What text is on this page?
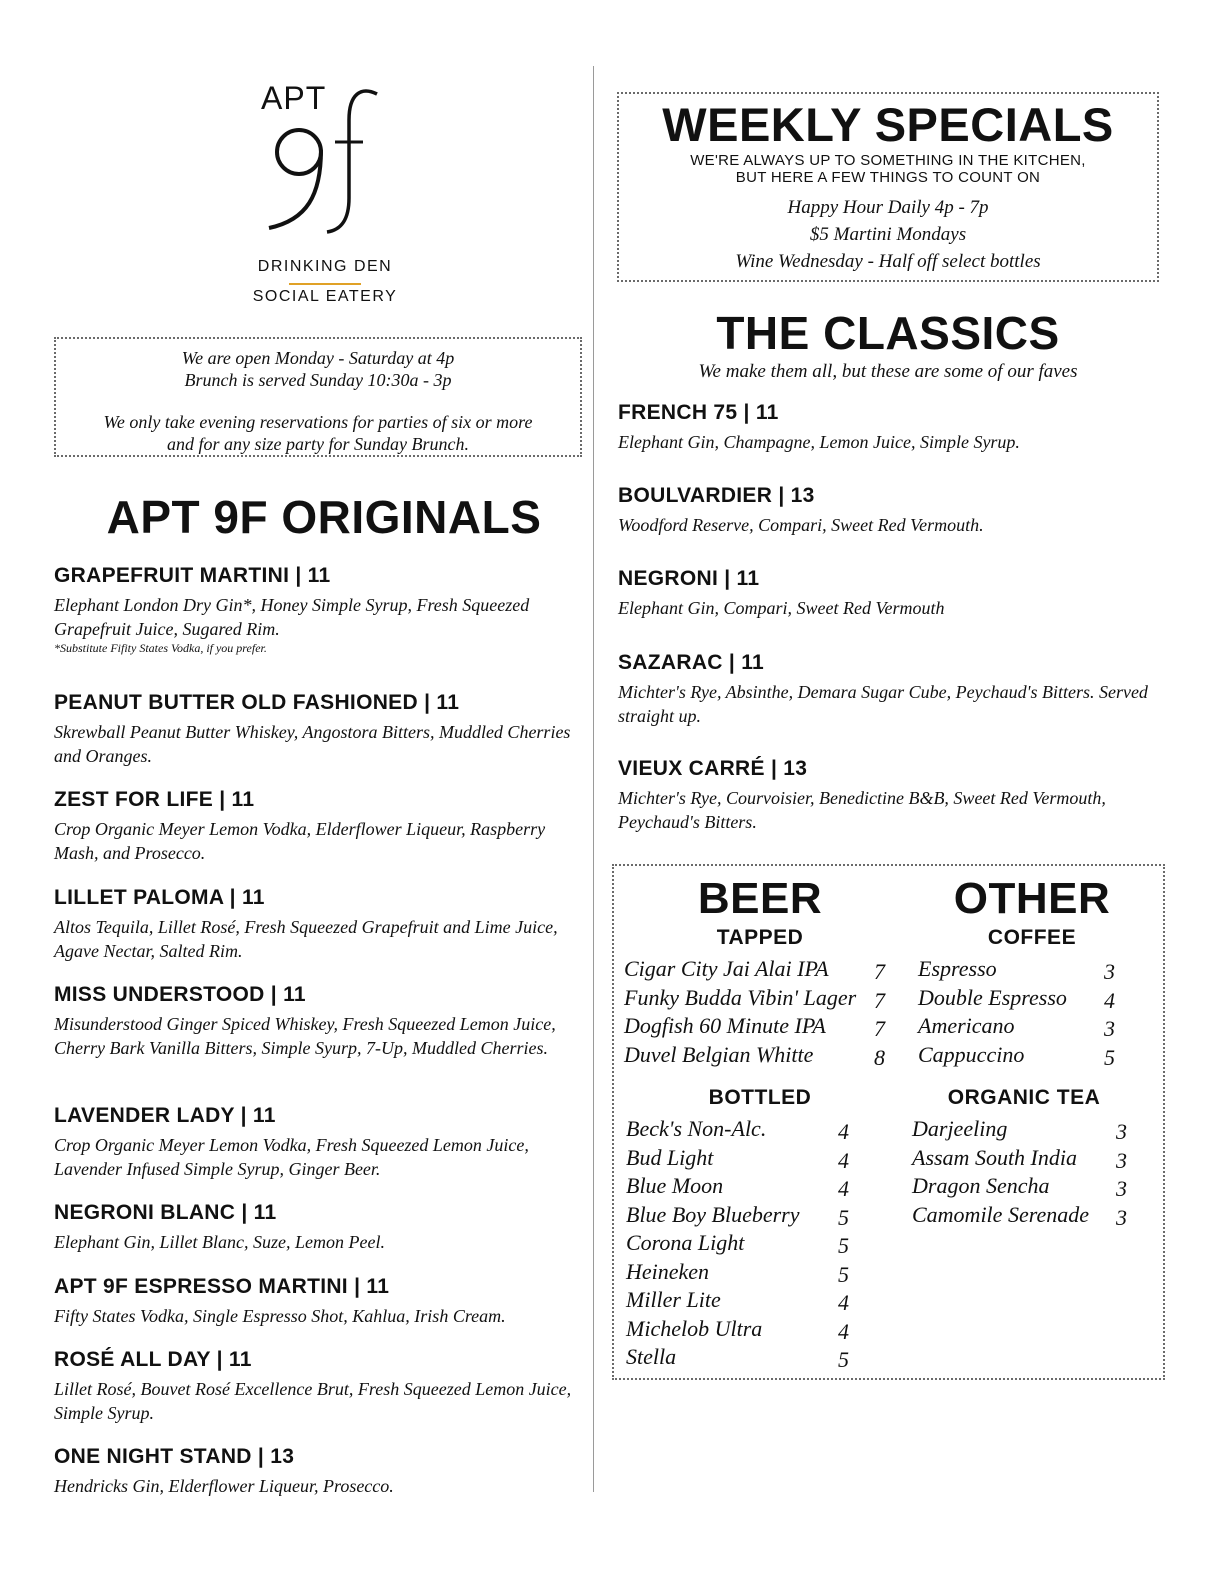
APT
DRINKING DEN
SOCIAL EATERY

We are open Monday - Saturday at 4p

Brunch is served Sunday 10:30a - 3p

We only take evening reservations for parties of six or more

and for any size party for Sunday Brunch.

APT 9F ORIGINALS
GRAPEFRUIT MARTINI | 11
Elephant London Dry Gin*, Honey Simple Syrup, Fresh Squeezed Grapefruit Juice, Sugared Rim.
*Substitute Fifity States Vodka, if you prefer.
PEANUT BUTTER OLD FASHIONED | 11
Skrewball Peanut Butter Whiskey, Angostora Bitters, Muddled Cherries and Oranges.
ZEST FOR LIFE | 11
Crop Organic Meyer Lemon Vodka, Elderflower Liqueur, Raspberry Mash, and Prosecco.
LILLET PALOMA | 11
Altos Tequila, Lillet Rosé, Fresh Squeezed Grapefruit and Lime Juice, Agave Nectar, Salted Rim.
MISS UNDERSTOOD | 11
Misunderstood Ginger Spiced Whiskey, Fresh Squeezed Lemon Juice, Cherry Bark Vanilla Bitters, Simple Syurp, 7-Up, Muddled Cherries.
LAVENDER LADY | 11
Crop Organic Meyer Lemon Vodka, Fresh Squeezed Lemon Juice, Lavender Infused Simple Syrup, Ginger Beer.
NEGRONI BLANC | 11
Elephant Gin, Lillet Blanc, Suze, Lemon Peel.
APT 9F ESPRESSO MARTINI | 11
Fifty States Vodka, Single Espresso Shot, Kahlua, Irish Cream.
ROSÉ ALL DAY | 11
Lillet Rosé, Bouvet Rosé Excellence Brut, Fresh Squeezed Lemon Juice, Simple Syrup.
ONE NIGHT STAND | 13
Hendricks Gin, Elderflower Liqueur, Prosecco.
WEEKLY SPECIALS
WE'RE ALWAYS UP TO SOMETHING IN THE KITCHEN,
BUT HERE A FEW THINGS TO COUNT ON
Happy Hour Daily 4p - 7p
$5 Martini Mondays
Wine Wednesday - Half off select bottles
THE CLASSICS
We make them all, but these are some of our faves
FRENCH 75 | 11
Elephant Gin, Champagne, Lemon Juice, Simple Syrup.
BOULVARDIER | 13
Woodford Reserve, Compari, Sweet Red Vermouth.
NEGRONI | 11
Elephant Gin, Compari, Sweet Red Vermouth
SAZARAC | 11
Michter's Rye, Absinthe, Demara Sugar Cube, Peychaud's Bitters. Served straight up.
VIEUX CARRÉ | 13
Michter's Rye, Courvoisier, Benedictine B&B, Sweet Red Vermouth, Peychaud's Bitters.
BEER
TAPPED
Cigar City Jai Alai IPA 7
Funky Budda Vibin' Lager 7
Dogfish 60 Minute IPA 7
Duvel Belgian Whitte	8
BOTTLED
Beck's Non-Alc.	4
Bud Light	4
Blue Moon	4
Blue Boy Blueberry 5
Corona Light	5
Heineken	5
Miller Lite	4
Michelob Ultra	4
Stella	5
OTHER
COFFEE
Espresso	3
Double Espresso 4
Americano	3
Cappuccino	5
ORGANIC TEA
Darjeeling	3
Assam South India 3
Dragon Sencha	3
Camomile Serenade 3
